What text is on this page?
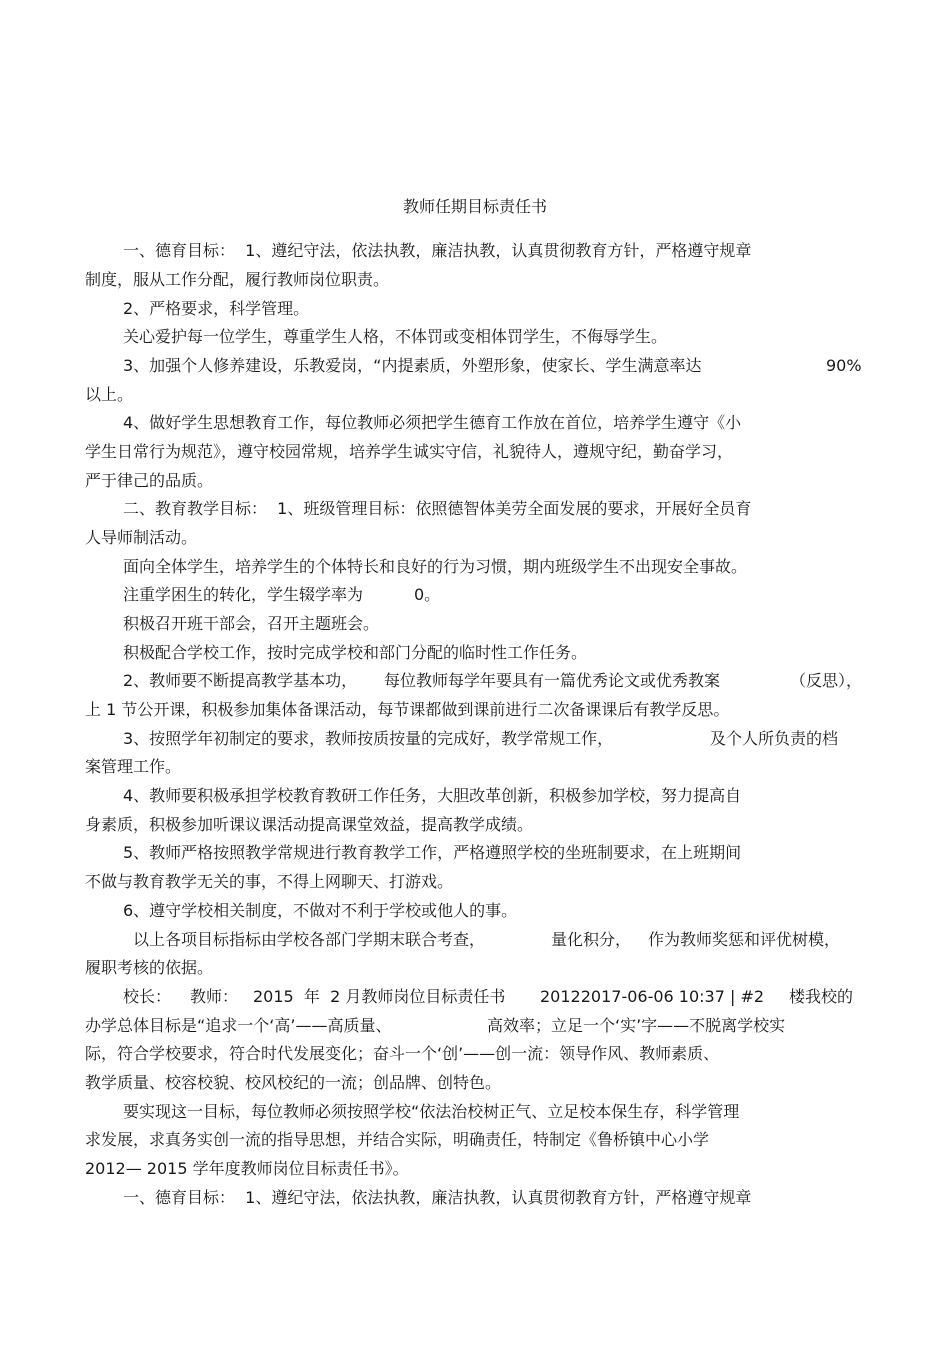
教师任期目标责任书
一、德育目标：  1、遵纪守法，依法执教，廉洁执教，认真贯彻教育方针，严格遵守规章
制度，服从工作分配，履行教师岗位职责。
2、严格要求，科学管理。
关心爱护每一位学生，尊重学生人格，不体罚或变相体罚学生，不侮辱学生。
3、加强个人修养建设，乐教爱岗，“内提素质，外塑形象，使家长、学生满意率达	90%
以上。
4、做好学生思想教育工作，每位教师必须把学生德育工作放在首位，培养学生遵守《小
学生日常行为规范》，遵守校园常规，培养学生诚实守信，礼貌待人，遵规守纪，勤奋学习，
严于律己的品质。
二、教育教学目标：  1、班级管理目标：依照德智体美劳全面发展的要求，开展好全员育
人导师制活动。
面向全体学生，培养学生的个体特长和良好的行为习惯，期内班级学生不出现安全事故。
注重学困生的转化，学生辍学率为	0。
积极召开班干部会，召开主题班会。
积极配合学校工作，按时完成学校和部门分配的临时性工作任务。
2、教师要不断提高教学基本功， 每位教师每学年要具有一篇优秀论文或优秀教案	（反思），
上 1 节公开课，积极参加集体备课活动，每节课都做到课前进行二次备课课后有教学反思。
3、按照学年初制定的要求，教师按质按量的完成好，教学常规工作，	及个人所负责的档
案管理工作。
4、教师要积极承担学校教育教研工作任务，大胆改革创新，积极参加学校，努力提高自
身素质，积极参加听课议课活动提高课堂效益，提高教学成绩。
5、教师严格按照教学常规进行教育教学工作，严格遵照学校的坐班制要求，在上班期间
不做与教育教学无关的事，不得上网聊天、打游戏。
6、遵守学校相关制度，不做对不利于学校或他人的事。
以上各项目标指标由学校各部门学期末联合考查，	量化积分， 作为教师奖惩和评优树模，
履职考核的依据。
校长： 教师： 2015  年  2 月教师岗位目标责任书 20122017-06-06 10:37 | #2 楼我校的
办学总体目标是“追求一个‘高’——高质量、	高效率；立足一个‘实’字——不脱离学校实
际，符合学校要求，符合时代发展变化；奋斗一个‘创’——创一流：领导作风、教师素质、
教学质量、校容校貌、校风校纪的一流；创品牌、创特色。
要实现这一目标，每位教师必须按照学校“依法治校树正气、立足校本保生存，科学管理
求发展，求真务实创一流的指导思想，并结合实际，明确责任，特制定《鲁桥镇中心小学
2012— 2015 学年度教师岗位目标责任书》。
一、德育目标：  1、遵纪守法，依法执教，廉洁执教，认真贯彻教育方针，严格遵守规章
